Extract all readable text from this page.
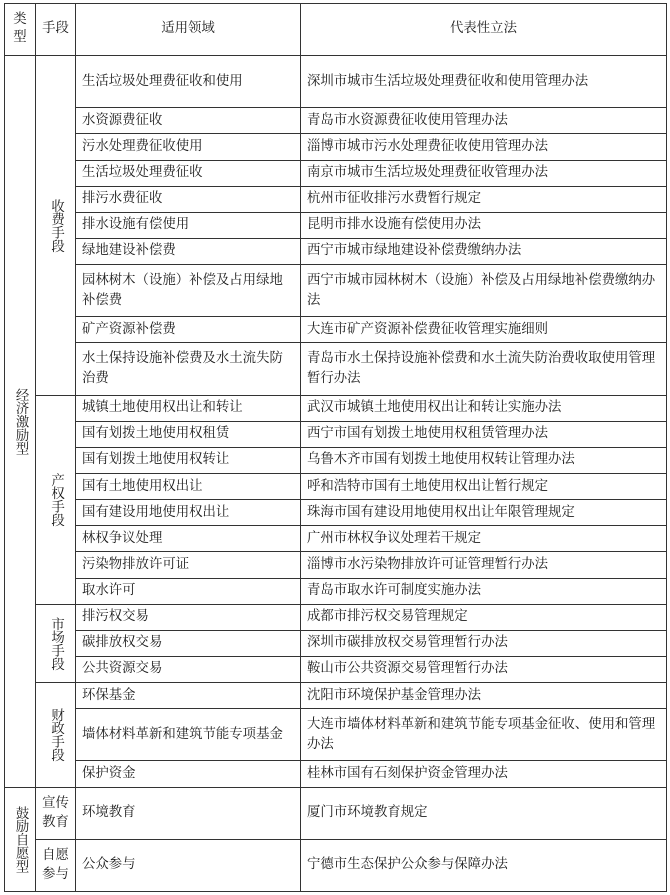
类型	手段	适用领域	代表性立法
经济激励型	收费手段	生活垃圾处理费征收和使用	深圳市城市生活垃圾处理费征收和使用管理办法
		水资源费征收	青岛市水资源费征收使用管理办法
		污水处理费征收使用	淄博市城市污水处理费征收使用管理办法
		生活垃圾处理费征收	南京市城市生活垃圾处理费征收管理办法
		排污水费征收	杭州市征收排污水费暂行规定
		排水设施有偿使用	昆明市排水设施有偿使用办法
		绿地建设补偿费	西宁市城市绿地建设补偿费缴纳办法
		园林树木（设施）补偿及占用绿地补偿费	西宁市城市园林树木（设施）补偿及占用绿地补偿费缴纳办法
		矿产资源补偿费	大连市矿产资源补偿费征收管理实施细则
		水土保持设施补偿费及水土流失防治费	青岛市水土保持设施补偿费和水土流失防治费收取使用管理暂行办法
	产权手段	城镇土地使用权出让和转让	武汉市城镇土地使用权出让和转让实施办法
		国有划拨土地使用权租赁	西宁市国有划拨土地使用权租赁管理办法
		国有划拨土地使用权转让	乌鲁木齐市国有划拨土地使用权转让管理办法
		国有土地使用权出让	呼和浩特市国有土地使用权出让暂行规定
		国有建设用地使用权出让	珠海市国有建设用地使用权出让年限管理规定
		林权争议处理	广州市林权争议处理若干规定
		污染物排放许可证	淄博市水污染物排放许可证管理暂行办法
		取水许可	青岛市取水许可制度实施办法
	市场手段	排污权交易	成都市排污权交易管理规定
		碳排放权交易	深圳市碳排放权交易管理暂行办法
		公共资源交易	鞍山市公共资源交易管理暂行办法
	财政手段	环保基金	沈阳市环境保护基金管理办法
		墙体材料革新和建筑节能专项基金	大连市墙体材料革新和建筑节能专项基金征收、使用和管理办法
		保护资金	桂林市国有石刻保护资金管理办法
鼓励自愿型	宣传教育	环境教育	厦门市环境教育规定
	自愿参与	公众参与	宁德市生态保护公众参与保障办法
